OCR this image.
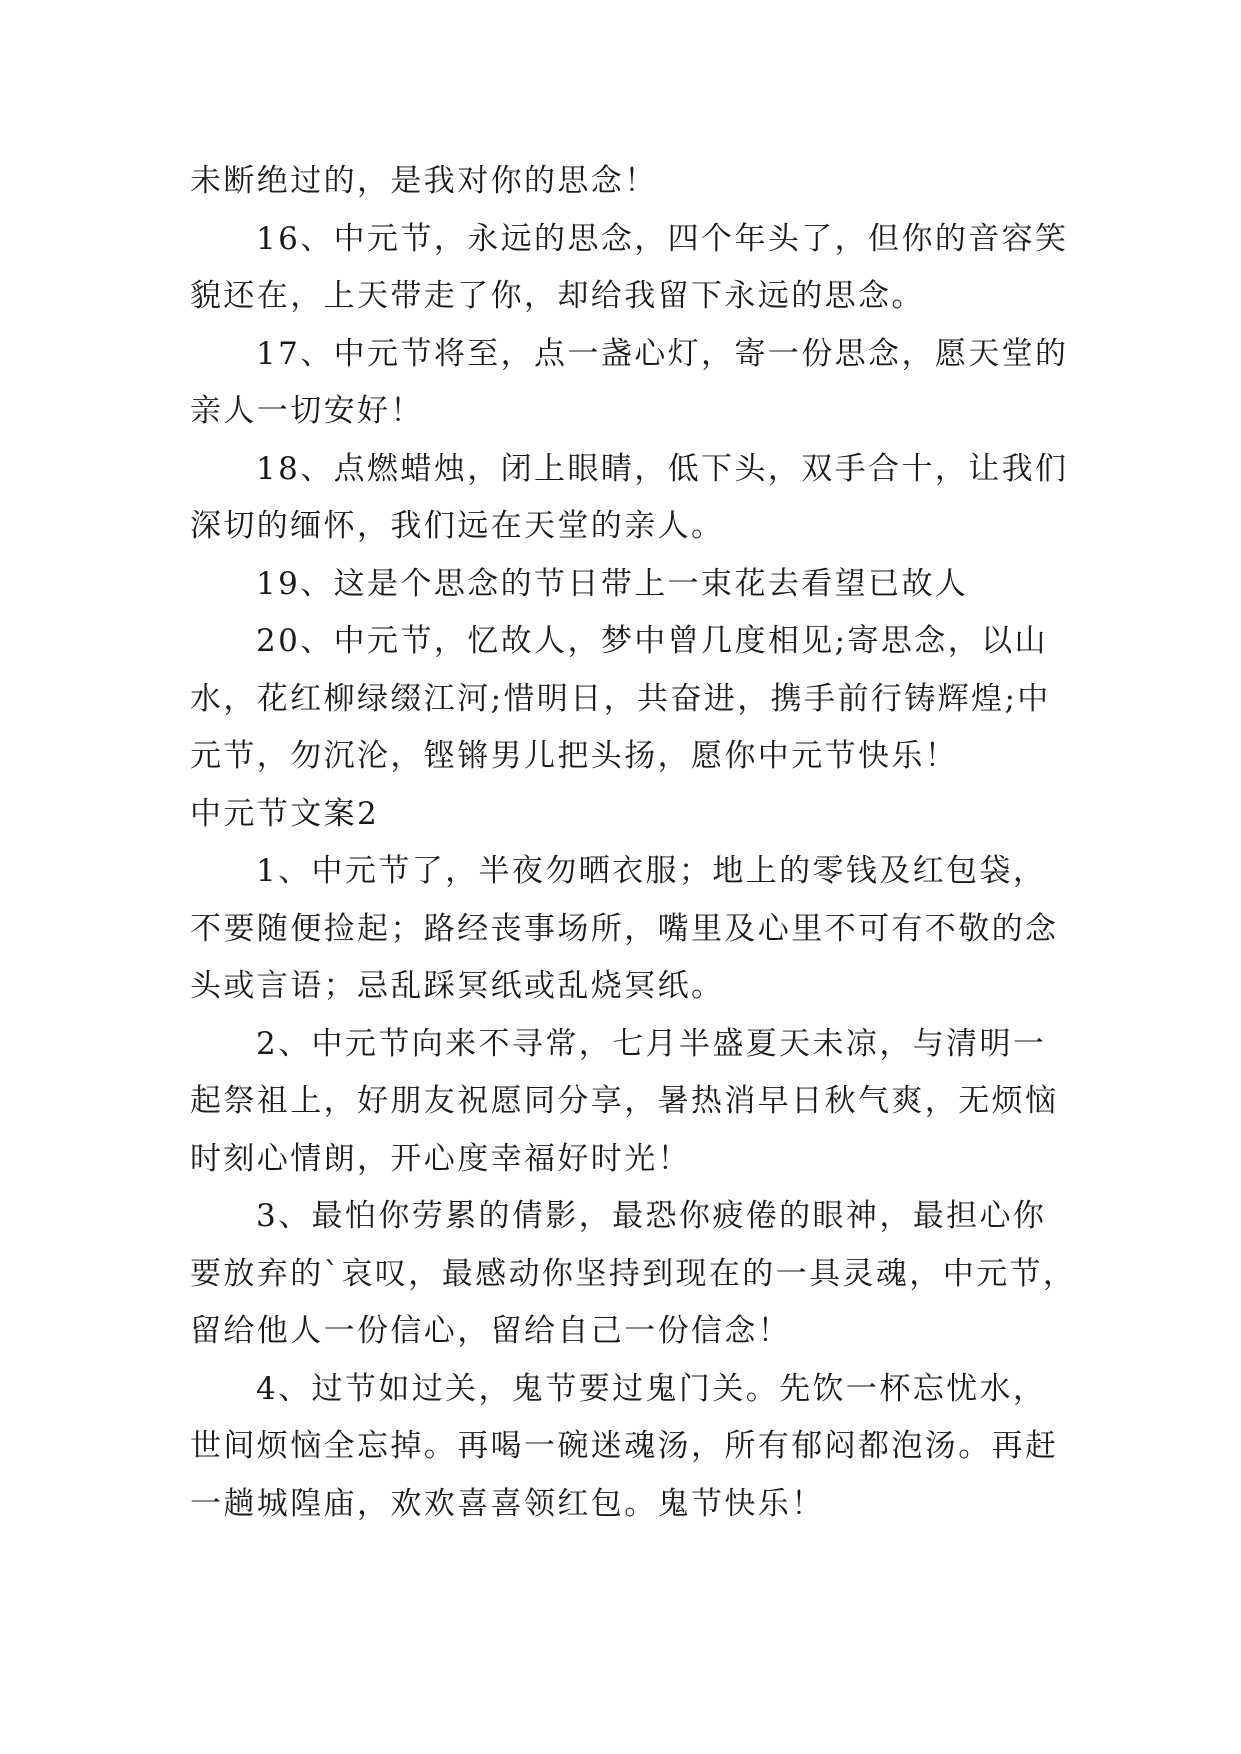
未断绝过的，是我对你的思念！
16、中元节，永远的思念，四个年头了，但你的音容笑
貌还在，上天带走了你，却给我留下永远的思念。
17、中元节将至，点一盏心灯，寄一份思念，愿天堂的
亲人一切安好！
18、点燃蜡烛，闭上眼睛，低下头，双手合十，让我们
深切的缅怀，我们远在天堂的亲人。
19、这是个思念的节日带上一束花去看望已故人
20、中元节，忆故人，梦中曾几度相见;寄思念，以山
水，花红柳绿缀江河;惜明日，共奋进，携手前行铸辉煌;中
元节，勿沉沦，铿锵男儿把头扬，愿你中元节快乐！
中元节文案2
1、中元节了，半夜勿晒衣服；地上的零钱及红包袋，
不要随便捡起；路经丧事场所，嘴里及心里不可有不敬的念
头或言语；忌乱踩冥纸或乱烧冥纸。
2、中元节向来不寻常，七月半盛夏天未凉，与清明一
起祭祖上，好朋友祝愿同分享，暑热消早日秋气爽，无烦恼
时刻心情朗，开心度幸福好时光！
3、最怕你劳累的倩影，最恐你疲倦的眼神，最担心你
要放弃的`哀叹，最感动你坚持到现在的一具灵魂，中元节，
留给他人一份信心，留给自己一份信念！
4、过节如过关，鬼节要过鬼门关。先饮一杯忘忧水，
世间烦恼全忘掉。再喝一碗迷魂汤，所有郁闷都泡汤。再赶
一趟城隍庙，欢欢喜喜领红包。鬼节快乐！
